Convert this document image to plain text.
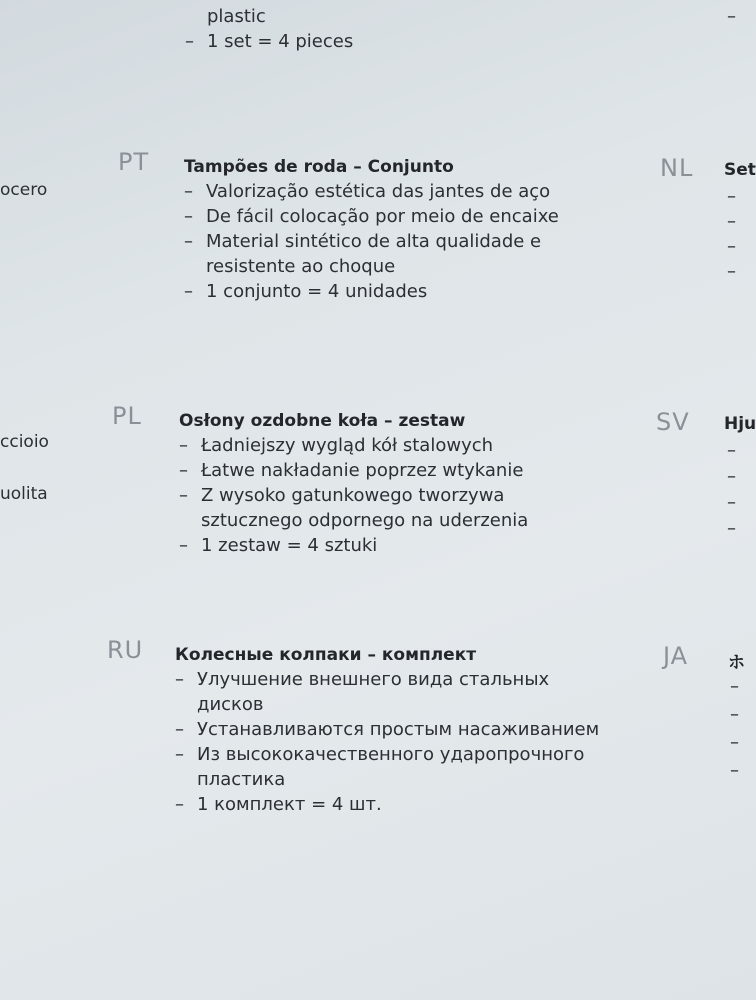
plastic
– 1 set = 4 pieces
–
ocero
ccioio
uolita
PT Tampões de roda – Conjunto
– Valorização estética das jantes de aço
– De fácil colocação por meio de encaixe
– Material sintético de alta qualidade e
resistente ao choque
– 1 conjunto = 4 unidades
PL Osłony ozdobne koła – zestaw
– Ładniejszy wygląd kół stalowych
– Łatwe nakładanie poprzez wtykanie
– Z wysoko gatunkowego tworzywa
sztucznego odpornego na uderzenia
– 1 zestaw = 4 sztuki
RU Колесные колпаки – комплект
– Улучшение внешнего вида стальных
дисков
– Устанавливаются простым насаживанием
– Из высококачественного ударопрочного
пластика
– 1 комплект = 4 шт.
NL Set
–
–
–
–
SV Hju
–
–
–
–
JA ホ
–
–
–
–
